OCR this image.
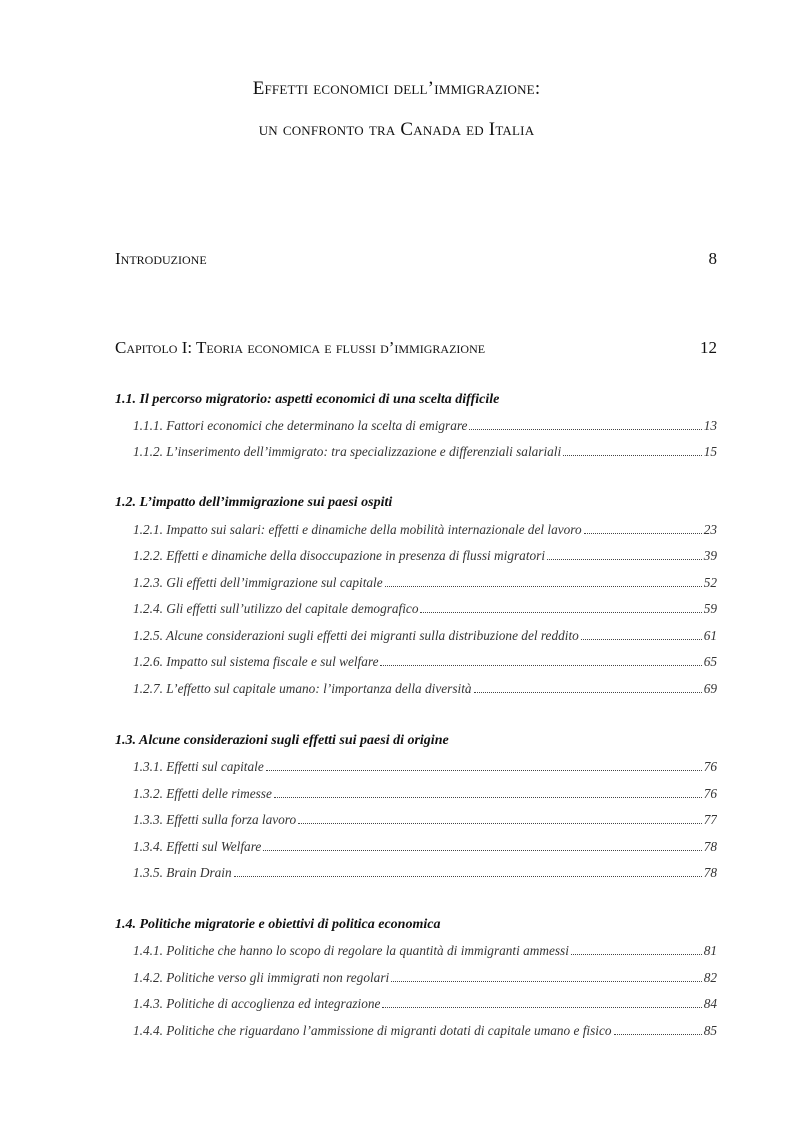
Effetti economici dell’immigrazione:
un confronto tra Canada ed Italia
Introduzione	8
Capitolo I: Teoria economica e flussi d’immigrazione	12
1.1. Il percorso migratorio: aspetti economici di una scelta difficile
1.1.1. Fattori economici che determinano la scelta di emigrare	13
1.1.2. L’inserimento dell’immigrato: tra specializzazione e differenziali salariali	15
1.2. L’impatto dell’immigrazione sui paesi ospiti
1.2.1. Impatto sui salari: effetti e dinamiche della mobilità internazionale del lavoro	23
1.2.2. Effetti e dinamiche della disoccupazione in presenza di flussi migratori	39
1.2.3. Gli effetti dell’immigrazione sul capitale	52
1.2.4. Gli effetti sull’utilizzo del capitale demografico	59
1.2.5. Alcune considerazioni sugli effetti dei migranti sulla distribuzione del reddito	61
1.2.6. Impatto sul sistema fiscale e sul welfare	65
1.2.7. L’effetto sul capitale umano: l’importanza della diversità	69
1.3. Alcune considerazioni sugli effetti sui paesi di origine
1.3.1. Effetti sul capitale	76
1.3.2. Effetti delle rimesse	76
1.3.3. Effetti sulla forza lavoro	77
1.3.4. Effetti sul Welfare	78
1.3.5. Brain Drain	78
1.4. Politiche migratorie e obiettivi di politica economica
1.4.1. Politiche che hanno lo scopo di regolare la quantità di immigranti ammessi	81
1.4.2. Politiche verso gli immigrati non regolari	82
1.4.3. Politiche di accoglienza ed integrazione	84
1.4.4. Politiche che riguardano l’ammissione di migranti dotati di capitale umano e fisico	85
